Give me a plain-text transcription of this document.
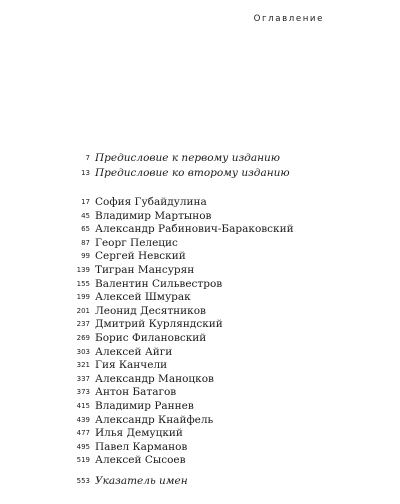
Оглавление
7 Предисловие к первому изданию
13 Предисловие ко второму изданию
17 София Губайдулина
45 Владимир Мартынов
65 Александр Рабинович-Бараковский
87 Георг Пелецис
99 Сергей Невский
139 Тигран Мансурян
155 Валентин Сильвестров
199 Алексей Шмурак
201 Леонид Десятников
237 Дмитрий Курляндский
269 Борис Филановский
303 Алексей Айги
321 Гия Канчели
337 Александр Маноцков
373 Антон Батагов
415 Владимир Раннев
439 Александр Кнайфель
477 Илья Демуцкий
495 Павел Карманов
519 Алексей Сысоев
553 Указатель имен
